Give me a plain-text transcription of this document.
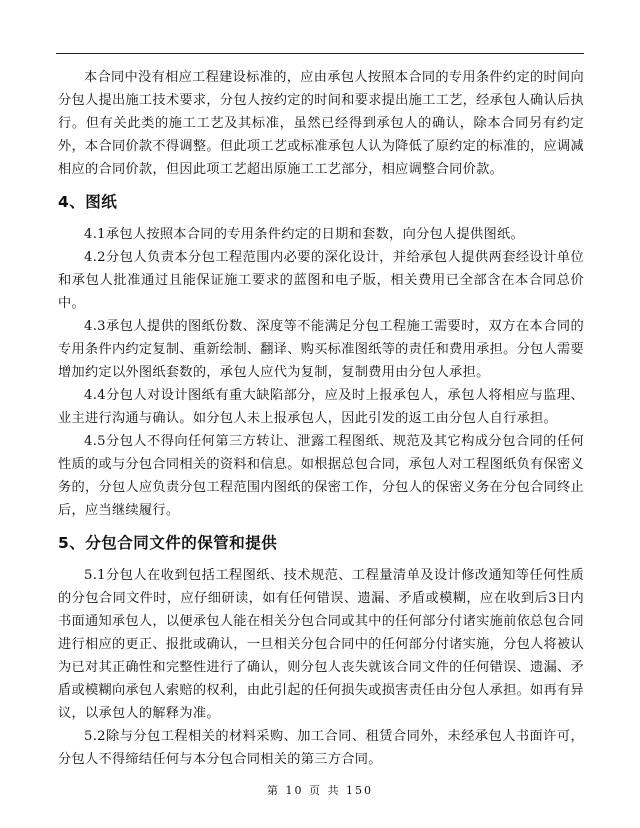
本合同中没有相应工程建设标准的，应由承包人按照本合同的专用条件约定的时间向分包人提出施工技术要求，分包人按约定的时间和要求提出施工工艺，经承包人确认后执行。但有关此类的施工工艺及其标准，虽然已经得到承包人的确认，除本合同另有约定外，本合同价款不得调整。但此项工艺或标准承包人认为降低了原约定的标准的，应调减相应的合同价款，但因此项工艺超出原施工工艺部分，相应调整合同价款。

4、图纸

4.1承包人按照本合同的专用条件约定的日期和套数，向分包人提供图纸。

4.2分包人负责本分包工程范围内必要的深化设计，并给承包人提供两套经设计单位和承包人批准通过且能保证施工要求的蓝图和电子版，相关费用已全部含在本合同总价中。

4.3承包人提供的图纸份数、深度等不能满足分包工程施工需要时，双方在本合同的专用条件内约定复制、重新绘制、翻译、购买标准图纸等的责任和费用承担。分包人需要增加约定以外图纸套数的，承包人应代为复制，复制费用由分包人承担。

4.4分包人对设计图纸有重大缺陷部分，应及时上报承包人，承包人将相应与监理、业主进行沟通与确认。如分包人未上报承包人，因此引发的返工由分包人自行承担。

4.5分包人不得向任何第三方转让、泄露工程图纸、规范及其它构成分包合同的任何性质的或与分包合同相关的资料和信息。如根据总包合同，承包人对工程图纸负有保密义务的，分包人应负责分包工程范围内图纸的保密工作，分包人的保密义务在分包合同终止后，应当继续履行。

5、分包合同文件的保管和提供

5.1分包人在收到包括工程图纸、技术规范、工程量清单及设计修改通知等任何性质的分包合同文件时，应仔细研读，如有任何错误、遗漏、矛盾或模糊，应在收到后3日内书面通知承包人，以便承包人能在相关分包合同或其中的任何部分付诸实施前依总包合同进行相应的更正、报批或确认，一旦相关分包合同中的任何部分付诸实施，分包人将被认为已对其正确性和完整性进行了确认，则分包人丧失就该合同文件的任何错误、遗漏、矛盾或模糊向承包人索赔的权利，由此引起的任何损失或损害责任由分包人承担。如再有异议，以承包人的解释为准。

5.2除与分包工程相关的材料采购、加工合同、租赁合同外，未经承包人书面许可，分包人不得缔结任何与本分包合同相关的第三方合同。

第 10 页 共 150
